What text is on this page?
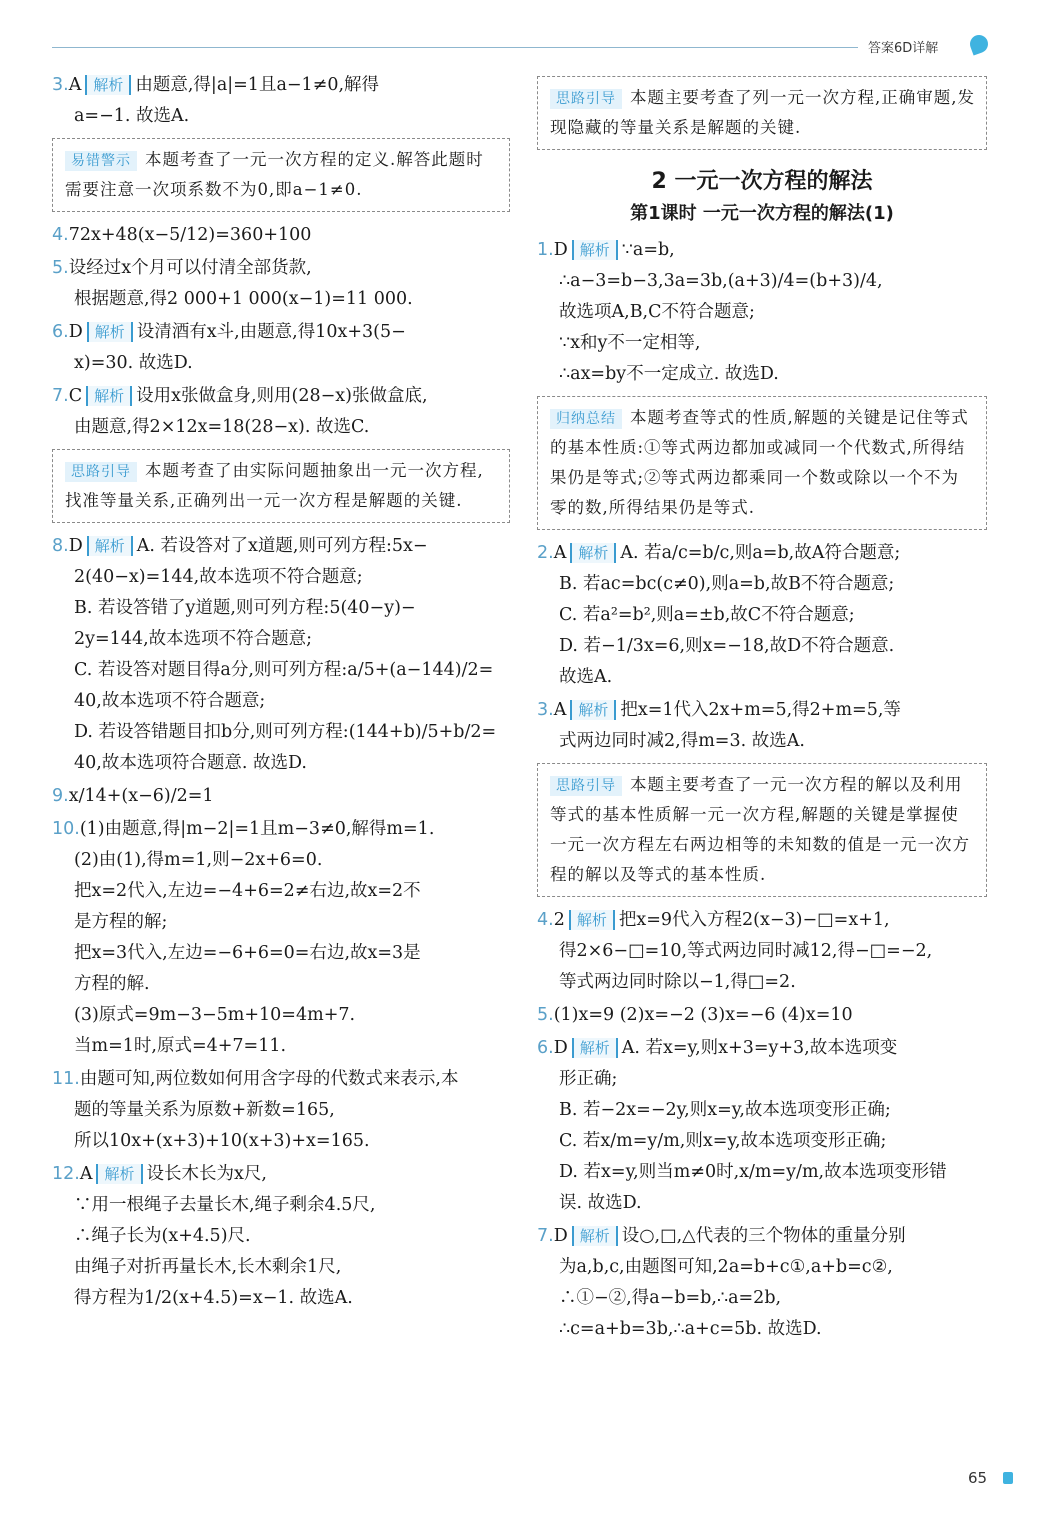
答案6D详解
3.A 解析 由题意,得|a|=1且a−1≠0,解得
a=−1. 故选A.
易错警示 本题考查了一元一次方程的定义.解答此题时需要注意一次项系数不为0,即a−1≠0.
4.72x+48(x−5/12)=360+100
5.设经过x个月可以付清全部货款,
根据题意,得2 000+1 000(x−1)=11 000.
6.D 解析 设清酒有x斗,由题意,得10x+3(5−
x)=30. 故选D.
7.C 解析 设用x张做盒身,则用(28−x)张做盒底,
由题意,得2×12x=18(28−x). 故选C.
思路引导 本题考查了由实际问题抽象出一元一次方程,找准等量关系,正确列出一元一次方程是解题的关键.
8.D 解析 A. 若设答对了x道题,则可列方程:5x−
2(40−x)=144,故本选项不符合题意;
B. 若设答错了y道题,则可列方程:5(40−y)−
2y=144,故本选项不符合题意;
C. 若设答对题目得a分,则可列方程:a/5+(a−144)/2=
40,故本选项不符合题意;
D. 若设答错题目扣b分,则可列方程:(144+b)/5+b/2=
40,故本选项符合题意. 故选D.
9.x/14+(x−6)/2=1
10.(1)由题意,得|m−2|=1且m−3≠0,解得m=1.
(2)由(1),得m=1,则−2x+6=0.
把x=2代入,左边=−4+6=2≠右边,故x=2不
是方程的解;
把x=3代入,左边=−6+6=0=右边,故x=3是
方程的解.
(3)原式=9m−3−5m+10=4m+7.
当m=1时,原式=4+7=11.
11.由题可知,两位数如何用含字母的代数式来表示,本
题的等量关系为原数+新数=165,
所以10x+(x+3)+10(x+3)+x=165.
12.A 解析 设长木长为x尺,
∵用一根绳子去量长木,绳子剩余4.5尺,
∴绳子长为(x+4.5)尺.
由绳子对折再量长木,长木剩余1尺,
得方程为1/2(x+4.5)=x−1. 故选A.
思路引导 本题主要考查了列一元一次方程,正确审题,发现隐藏的等量关系是解题的关键.
2 一元一次方程的解法
第1课时 一元一次方程的解法(1)
1.D 解析 ∵a=b,
∴a−3=b−3,3a=3b,(a+3)/4=(b+3)/4,
故选项A,B,C不符合题意;
∵x和y不一定相等,
∴ax=by不一定成立. 故选D.
归纳总结 本题考查等式的性质,解题的关键是记住等式的基本性质:①等式两边都加或减同一个代数式,所得结果仍是等式;②等式两边都乘同一个数或除以一个不为零的数,所得结果仍是等式.
2.A 解析 A. 若a/c=b/c,则a=b,故A符合题意;
B. 若ac=bc(c≠0),则a=b,故B不符合题意;
C. 若a²=b²,则a=±b,故C不符合题意;
D. 若−1/3x=6,则x=−18,故D不符合题意.
故选A.
3.A 解析 把x=1代入2x+m=5,得2+m=5,等
式两边同时减2,得m=3. 故选A.
思路引导 本题主要考查了一元一次方程的解以及利用等式的基本性质解一元一次方程,解题的关键是掌握使一元一次方程左右两边相等的未知数的值是一元一次方程的解以及等式的基本性质.
4.2 解析 把x=9代入方程2(x−3)−□=x+1,
得2×6−□=10,等式两边同时减12,得−□=−2,
等式两边同时除以−1,得□=2.
5.(1)x=9 (2)x=−2 (3)x=−6 (4)x=10
6.D 解析 A. 若x=y,则x+3=y+3,故本选项变
形正确;
B. 若−2x=−2y,则x=y,故本选项变形正确;
C. 若x/m=y/m,则x=y,故本选项变形正确;
D. 若x=y,则当m≠0时,x/m=y/m,故本选项变形错
误. 故选D.
7.D 解析 设○,□,△代表的三个物体的重量分别
为a,b,c,由题图可知,2a=b+c①,a+b=c②,
∴①−②,得a−b=b,∴a=2b,
∴c=a+b=3b,∴a+c=5b. 故选D.
65
